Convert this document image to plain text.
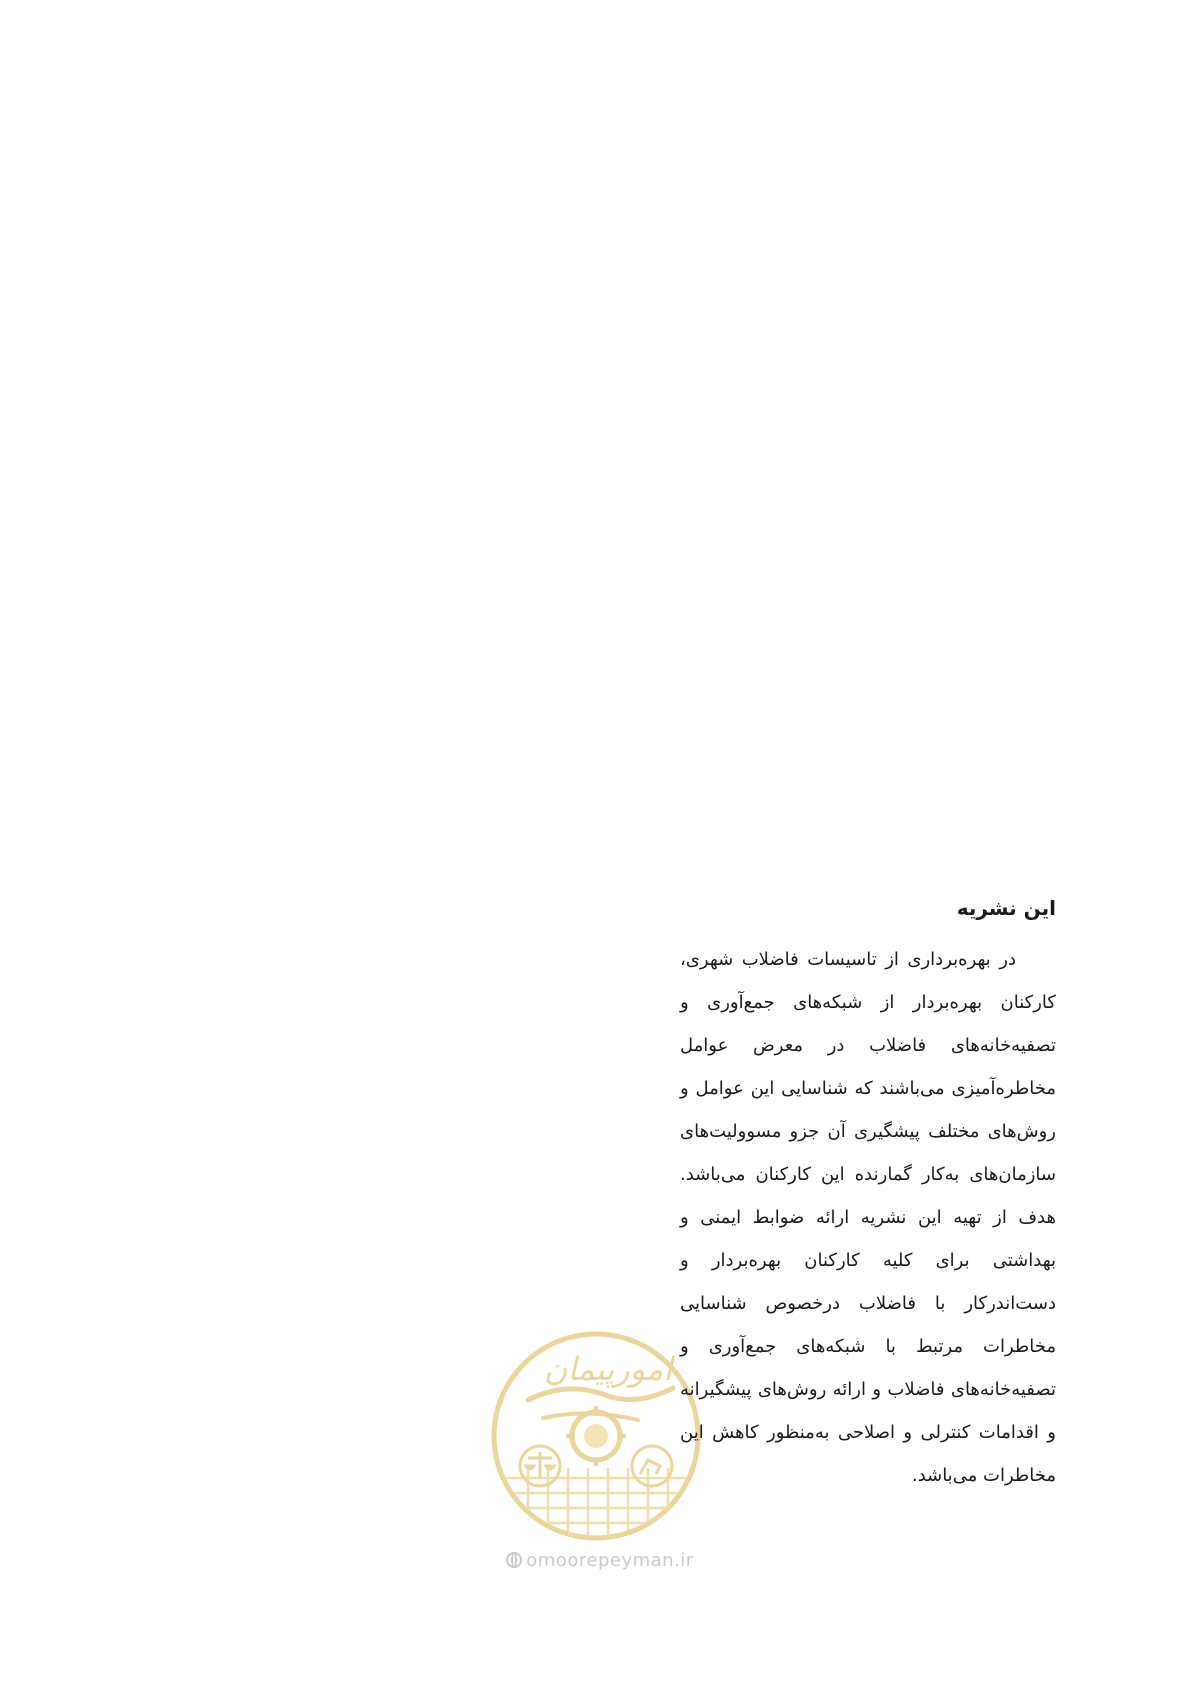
این نشریه

در بهره‌برداری از تاسیسات فاضلاب شهری، کارکنان بهره‌بردار از شبکه‌های جمع‌آوری و تصفیه‌خانه‌های فاضلاب در معرض عوامل مخاطره‌آمیزی می‌باشند که شناسایی این عوامل و روش‌های مختلف پیشگیری آن جزو مسوولیت‌های سازمان‌های به‌کار گمارنده این کارکنان می‌باشد. هدف از تهیه این نشریه ارائه ضوابط ایمنی و بهداشتی برای کلیه کارکنان بهره‌بردار و دست‌اندرکار با فاضلاب درخصوص شناسایی مخاطرات مرتبط با شبکه‌های جمع‌آوری و تصفیه‌خانه‌های فاضلاب و ارائه روش‌های پیشگیرانه و اقدامات کنترلی و اصلاحی به‌منظور کاهش این مخاطرات می‌باشد.

امورپیمان
omoorepeyman.ir
